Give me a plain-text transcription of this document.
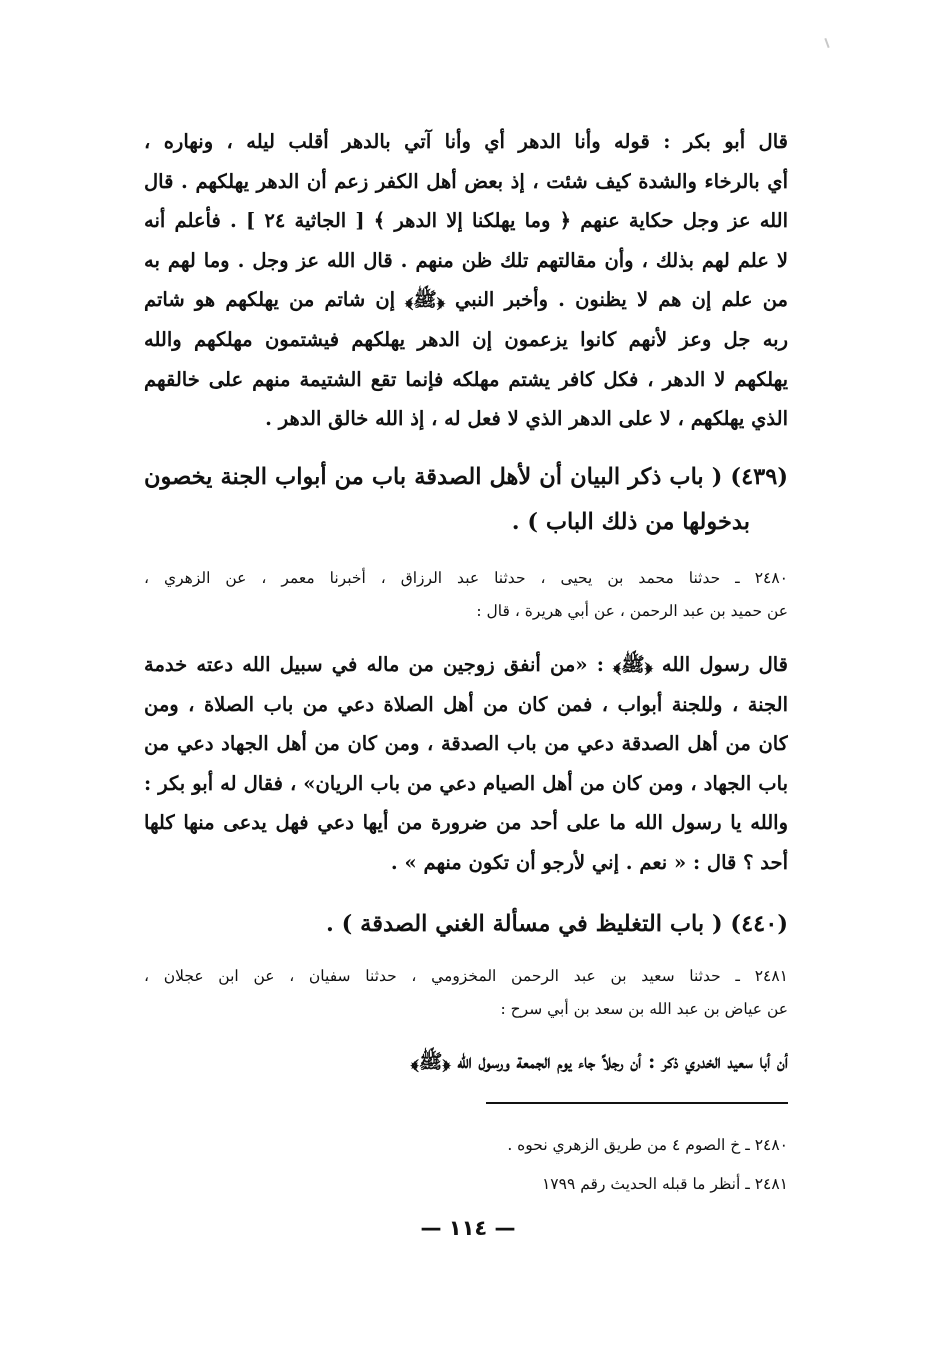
قال أبو بكر : قوله وأنا الدهر أي وأنا آتي بالدهر أقلب ليله ، ونهاره ،
أي بالرخاء والشدة كيف شئت ، إذ بعض أهل الكفر زعم أن الدهر يهلكهم . قال
الله عز وجل حكاية عنهم ﴿ وما يهلكنا إلا الدهر ﴾ [ الجاثية ٢٤ ] . فأعلم أنه
لا علم لهم بذلك ، وأن مقالتهم تلك ظن منهم . قال الله عز وجل . وما لهم به
من علم إن هم لا يظنون . وأخبر النبي ﴿ﷺ﴾ إن شاتم من يهلكهم هو شاتم
ربه جل وعز لأنهم كانوا يزعمون إن الدهر يهلكهم فيشتمون مهلكهم والله
يهلكهم لا الدهر ، فكل كافر يشتم مهلكه فإنما تقع الشتيمة منهم على خالقهم
الذي يهلكهم ، لا على الدهر الذي لا فعل له ، إذ الله خالق الدهر .
(٤٣٩) ( باب ذكر البيان أن لأهل الصدقة باب من أبواب الجنة يخصون
بدخولها من ذلك الباب ) .
٢٤٨٠ ـ حدثنا محمد بن يحيى ، حدثنا عبد الرزاق ، أخبرنا معمر ، عن الزهري ،
عن حميد بن عبد الرحمن ، عن أبي هريرة ، قال :
قال رسول الله ﴿ﷺ﴾ : «من أنفق زوجين من ماله في سبيل الله دعته خدمة
الجنة ، وللجنة أبواب ، فمن كان من أهل الصلاة دعي من باب الصلاة ، ومن
كان من أهل الصدقة دعي من باب الصدقة ، ومن كان من أهل الجهاد دعي من
باب الجهاد ، ومن كان من أهل الصيام دعي من باب الريان» ، فقال له أبو بكر :
والله يا رسول الله ما على أحد من ضرورة من أيها دعي فهل يدعى منها كلها
أحد ؟ قال : « نعم . إني لأرجو أن تكون منهم » .
(٤٤٠) ( باب التغليظ في مسألة الغني الصدقة ) .
٢٤٨١ ـ حدثنا سعيد بن عبد الرحمن المخزومي ، حدثنا سفيان ، عن ابن عجلان ،
عن عياض بن عبد الله بن سعد بن أبي سرح :
أن أبا سعيد الخدري ذكر : أن رجلاً جاء يوم الجمعة ورسول الله ﴿ﷺ﴾
٢٤٨٠ ـ خ الصوم ٤ من طريق الزهري نحوه .
٢٤٨١ ـ أنظر ما قبله الحديث رقم ١٧٩٩
— ١١٤ —
